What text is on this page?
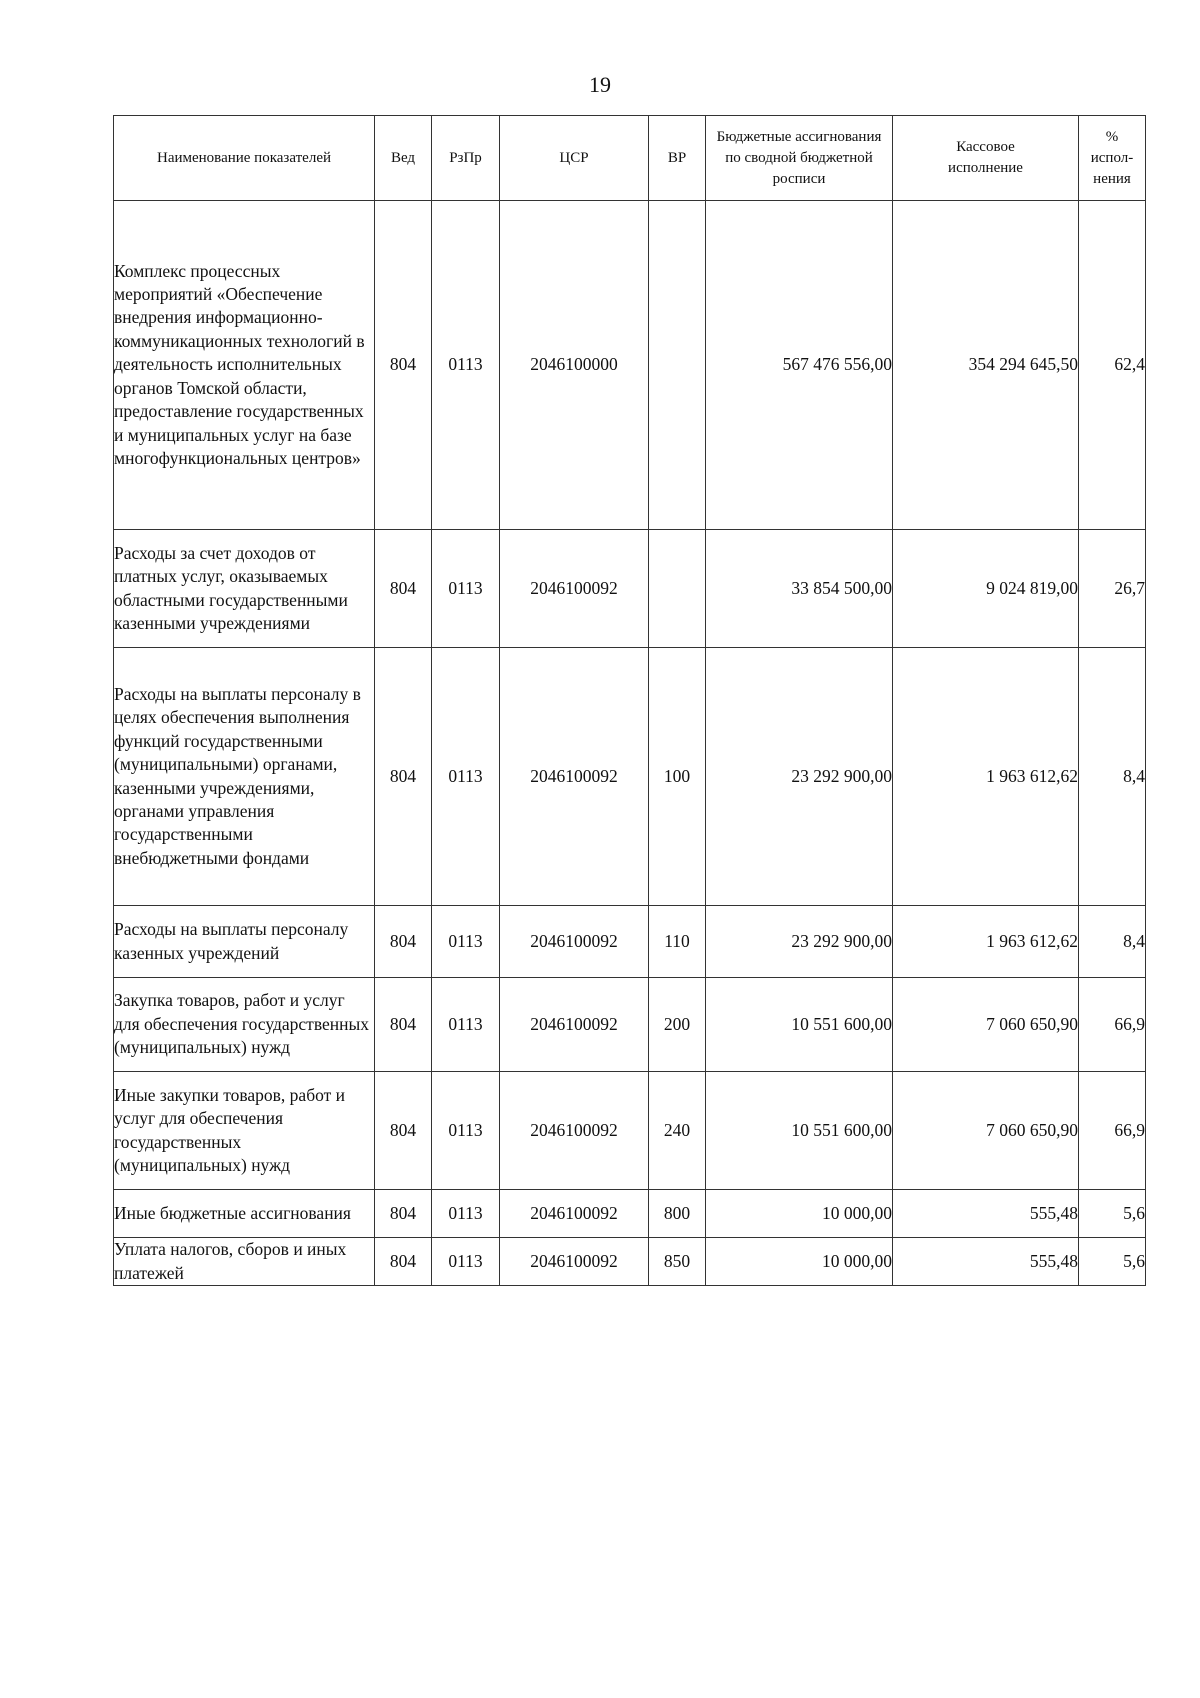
19
Наименование показателей	Вед	РзПр	ЦСР	ВР	Бюджетные ассигнования по сводной бюджетной росписи	Кассовое исполнение	% испол-нения
Комплекс процессных мероприятий «Обеспечение внедрения информационно-коммуникационных технологий в деятельность исполнительных органов Томской области, предоставление государственных и муниципальных услуг на базе многофункциональных центров»	804	0113	2046100000		567 476 556,00	354 294 645,50	62,4
Расходы за счет доходов от платных услуг, оказываемых областными государственными казенными учреждениями	804	0113	2046100092		33 854 500,00	9 024 819,00	26,7
Расходы на выплаты персоналу в целях обеспечения выполнения функций государственными (муниципальными) органами, казенными учреждениями, органами управления государственными внебюджетными фондами	804	0113	2046100092	100	23 292 900,00	1 963 612,62	8,4
Расходы на выплаты персоналу казенных учреждений	804	0113	2046100092	110	23 292 900,00	1 963 612,62	8,4
Закупка товаров, работ и услуг для обеспечения государственных (муниципальных) нужд	804	0113	2046100092	200	10 551 600,00	7 060 650,90	66,9
Иные закупки товаров, работ и услуг для обеспечения государственных (муниципальных) нужд	804	0113	2046100092	240	10 551 600,00	7 060 650,90	66,9
Иные бюджетные ассигнования	804	0113	2046100092	800	10 000,00	555,48	5,6
Уплата налогов, сборов и иных платежей	804	0113	2046100092	850	10 000,00	555,48	5,6
